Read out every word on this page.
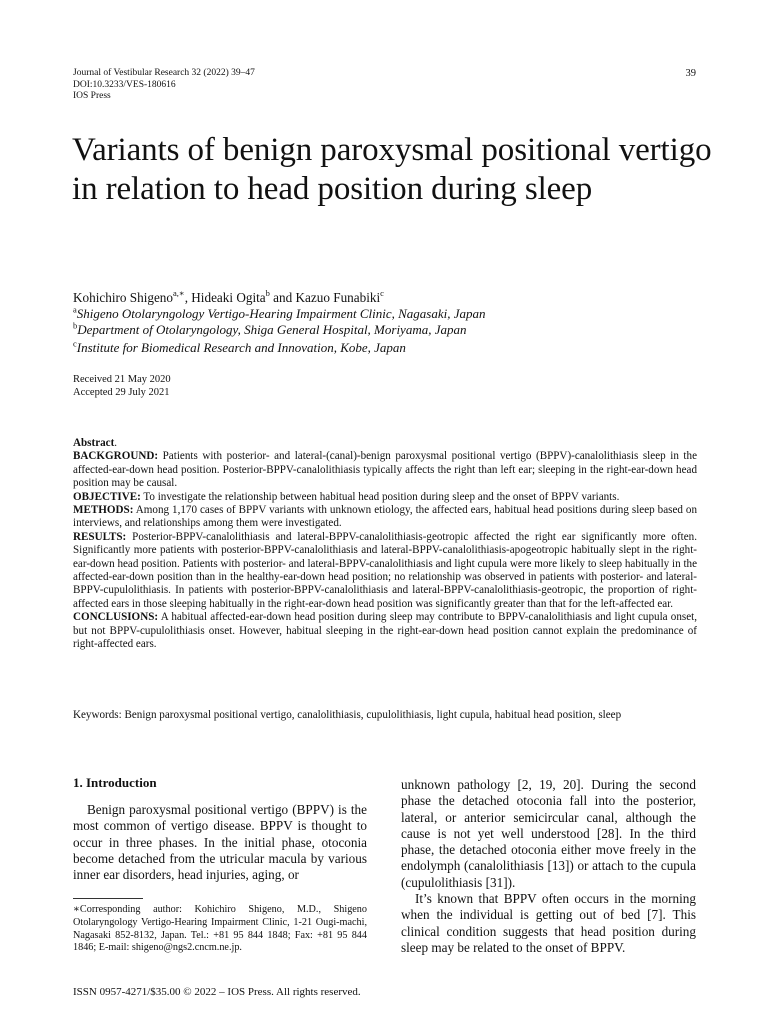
Journal of Vestibular Research 32 (2022) 39–47
DOI:10.3233/VES-180616
IOS Press
39
Variants of benign paroxysmal positional vertigo in relation to head position during sleep
Kohichiro Shigeno$^{a,∗}$, Hideaki Ogita$^b$ and Kazuo Funabiki$^c$
$^a$Shigeno Otolaryngology Vertigo-Hearing Impairment Clinic, Nagasaki, Japan
$^b$Department of Otolaryngology, Shiga General Hospital, Moriyama, Japan
$^c$Institute for Biomedical Research and Innovation, Kobe, Japan
Received 21 May 2020
Accepted 29 July 2021

Abstract.

BACKGROUND: Patients with posterior- and lateral-(canal)-benign paroxysmal positional vertigo (BPPV)-canalolithiasis sleep in the affected-ear-down head position. Posterior-BPPV-canalolithiasis typically affects the right than left ear; sleeping in the right-ear-down head position may be causal.

OBJECTIVE: To investigate the relationship between habitual head position during sleep and the onset of BPPV variants.

METHODS: Among 1,170 cases of BPPV variants with unknown etiology, the affected ears, habitual head positions during sleep based on interviews, and relationships among them were investigated.

RESULTS: Posterior-BPPV-canalolithiasis and lateral-BPPV-canalolithiasis-geotropic affected the right ear significantly more often. Significantly more patients with posterior-BPPV-canalolithiasis and lateral-BPPV-canalolithiasis-apogeotropic habitually slept in the right-ear-down head position. Patients with posterior- and lateral-BPPV-canalolithiasis and light cupula were more likely to sleep habitually in the affected-ear-down position than in the healthy-ear-down head position; no relationship was observed in patients with posterior- and lateral-BPPV-cupulolithiasis. In patients with posterior-BPPV-canalolithiasis and lateral-BPPV-canalolithiasis-geotropic, the proportion of right-affected ears in those sleeping habitually in the right-ear-down head position was significantly greater than that for the left-affected ear.

CONCLUSIONS: A habitual affected-ear-down head position during sleep may contribute to BPPV-canalolithiasis and light cupula onset, but not BPPV-cupulolithiasis onset. However, habitual sleeping in the right-ear-down head position cannot explain the predominance of right-affected ears.

Keywords: Benign paroxysmal positional vertigo, canalolithiasis, cupulolithiasis, light cupula, habitual head position, sleep
1. Introduction

Benign paroxysmal positional vertigo (BPPV) is the most common of vertigo disease. BPPV is thought to occur in three phases. In the initial phase, otoconia become detached from the utricular macula by various inner ear disorders, head injuries, aging, or

∗Corresponding author: Kohichiro Shigeno, M.D., Shigeno Otolaryngology Vertigo-Hearing Impairment Clinic, 1-21 Ougi-machi, Nagasaki 852-8132, Japan. Tel.: +81 95 844 1848; Fax: +81 95 844 1846; E-mail: shigeno@ngs2.cncm.ne.jp.

unknown pathology [2, 19, 20]. During the second phase the detached otoconia fall into the posterior, lateral, or anterior semicircular canal, although the cause is not yet well understood [28]. In the third phase, the detached otoconia either move freely in the endolymph (canalolithiasis [13]) or attach to the cupula (cupulolithiasis [31]).

It’s known that BPPV often occurs in the morning when the individual is getting out of bed [7]. This clinical condition suggests that head position during sleep may be related to the onset of BPPV.

ISSN 0957-4271/$35.00 © 2022 – IOS Press. All rights reserved.
